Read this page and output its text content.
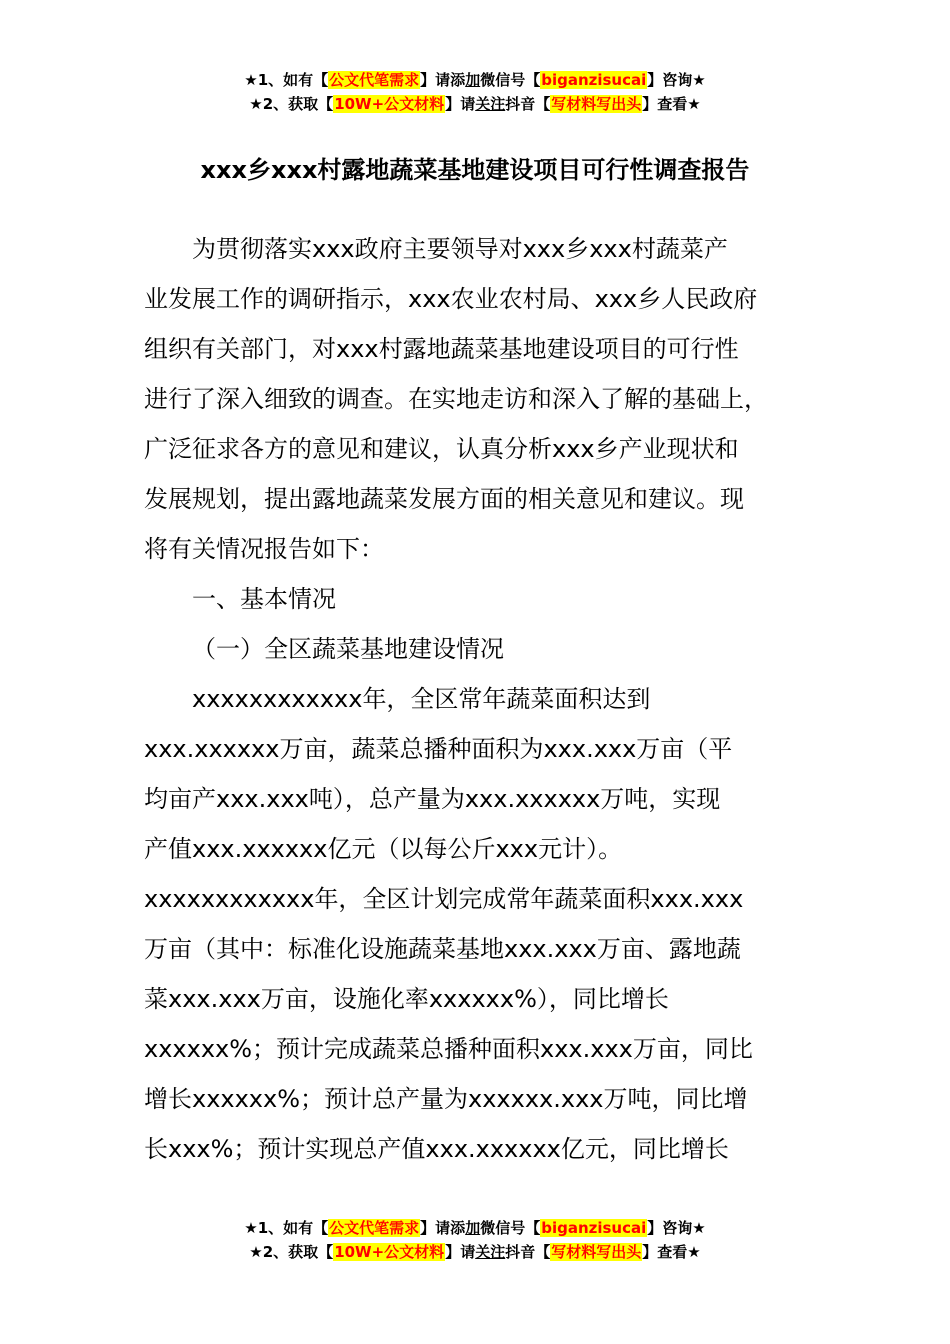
★1、如有【公文代笔需求】请添加微信号【biganzisucai】咨询★
★2、获取【10W+公文材料】请关注抖音【写材料写出头】查看★
xxx乡xxx村露地蔬菜基地建设项目可行性调查报告
为贯彻落实xxx政府主要领导对xxx乡xxx村蔬菜产
业发展工作的调研指示，xxx农业农村局、xxx乡人民政府
组织有关部门，对xxx村露地蔬菜基地建设项目的可行性
进行了深入细致的调查。在实地走访和深入了解的基础上，
广泛征求各方的意见和建议，认真分析xxx乡产业现状和
发展规划，提出露地蔬菜发展方面的相关意见和建议。现
将有关情况报告如下：
一、基本情况
（一）全区蔬菜基地建设情况
xxxxxxxxxxxx年，全区常年蔬菜面积达到
xxx.xxxxxx万亩，蔬菜总播种面积为xxx.xxx万亩（平
均亩产xxx.xxx吨），总产量为xxx.xxxxxx万吨，实现
产值xxx.xxxxxx亿元（以每公斤xxx元计）。
xxxxxxxxxxxx年，全区计划完成常年蔬菜面积xxx.xxx
万亩（其中：标准化设施蔬菜基地xxx.xxx万亩、露地蔬
菜xxx.xxx万亩，设施化率xxxxxx%），同比增长
xxxxxx%；预计完成蔬菜总播种面积xxx.xxx万亩，同比
增长xxxxxx%；预计总产量为xxxxxx.xxx万吨，同比增
长xxx%；预计实现总产值xxx.xxxxxx亿元，同比增长
★1、如有【公文代笔需求】请添加微信号【biganzisucai】咨询★
★2、获取【10W+公文材料】请关注抖音【写材料写出头】查看★
